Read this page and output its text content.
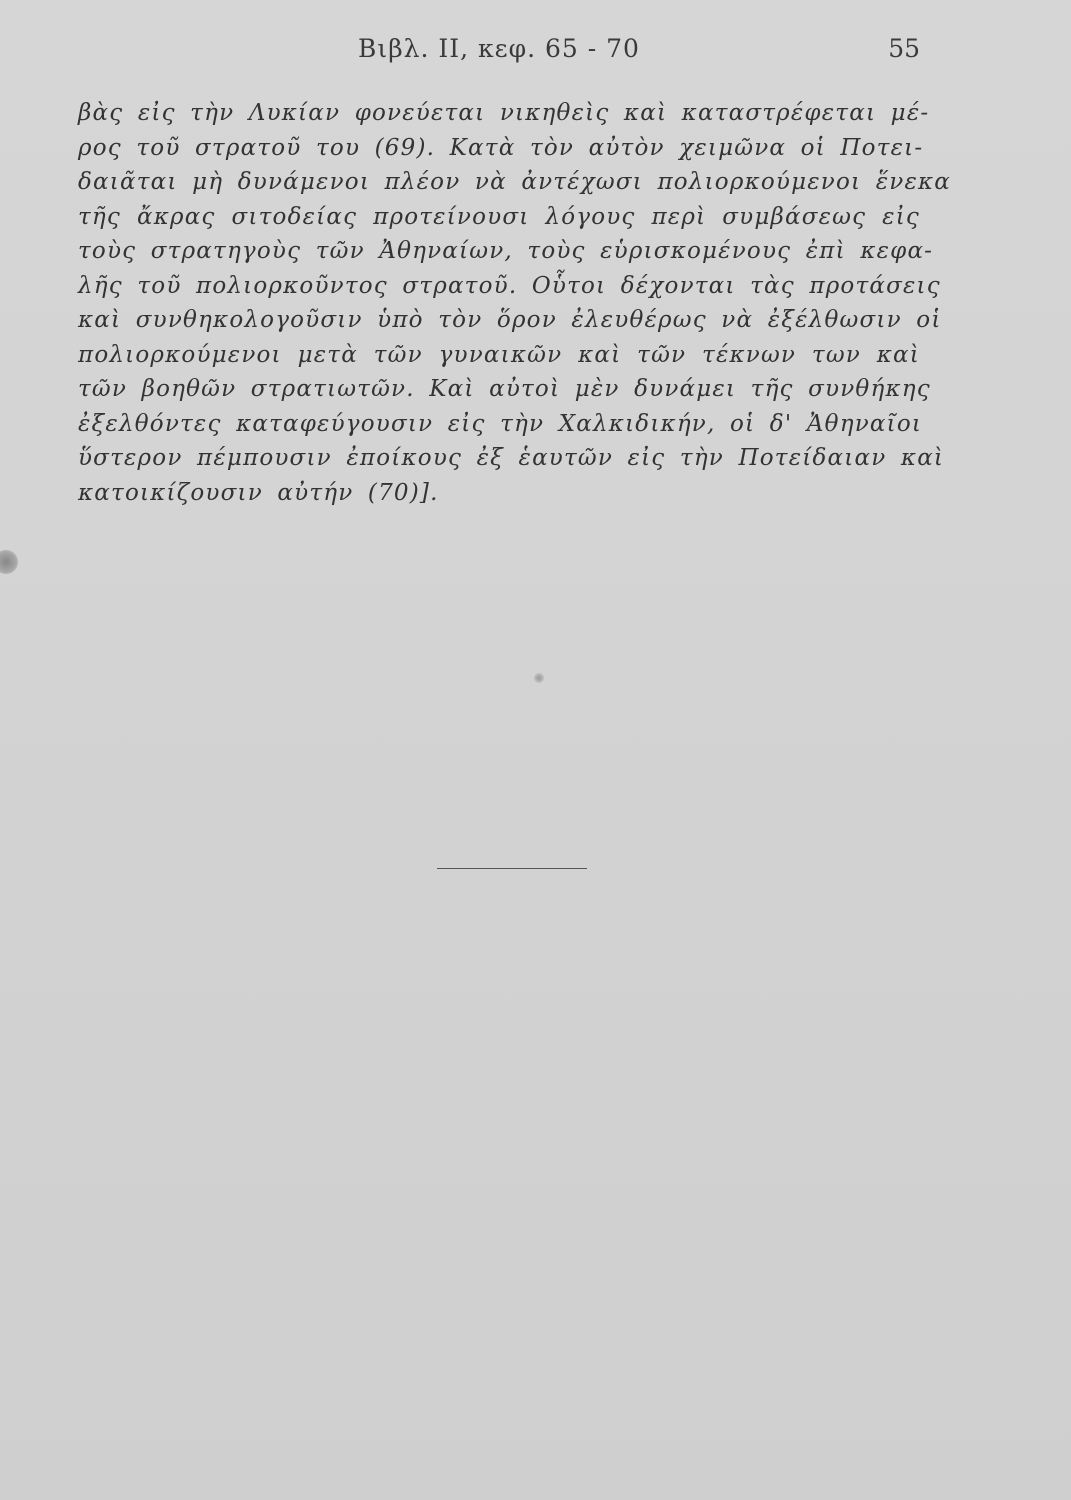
Βιβλ. ΙΙ, κεφ. 65 - 70	55
βὰς εἰς τὴν Λυκίαν φονεύεται νικηθεὶς καὶ καταστρέφεται μέ-
ρος τοῦ στρατοῦ του (69). Κατὰ τὸν αὐτὸν χειμῶνα οἱ Ποτει-
δαιᾶται μὴ δυνάμενοι πλέον νὰ ἀντέχωσι πολιορκούμενοι ἕνεκα
τῆς ἄκρας σιτοδείας προτείνουσι λόγους περὶ συμβάσεως εἰς
τοὺς στρατηγοὺς τῶν Ἀθηναίων, τοὺς εὑρισκομένους ἐπὶ κεφα-
λῆς τοῦ πολιορκοῦντος στρατοῦ. Οὗτοι δέχονται τὰς προτάσεις
καὶ συνθηκολογοῦσιν ὑπὸ τὸν ὅρον ἐλευθέρως νὰ ἐξέλθωσιν οἱ
πολιορκούμενοι μετὰ τῶν γυναικῶν καὶ τῶν τέκνων των καὶ
τῶν βοηθῶν στρατιωτῶν. Καὶ αὐτοὶ μὲν δυνάμει τῆς συνθήκης
ἐξελθόντες καταφεύγουσιν εἰς τὴν Χαλκιδικήν, οἱ δ' Ἀθηναῖοι
ὕστερον πέμπουσιν ἐποίκους ἐξ ἑαυτῶν εἰς τὴν Ποτείδαιαν καὶ
κατοικίζουσιν αὐτήν (70)].
